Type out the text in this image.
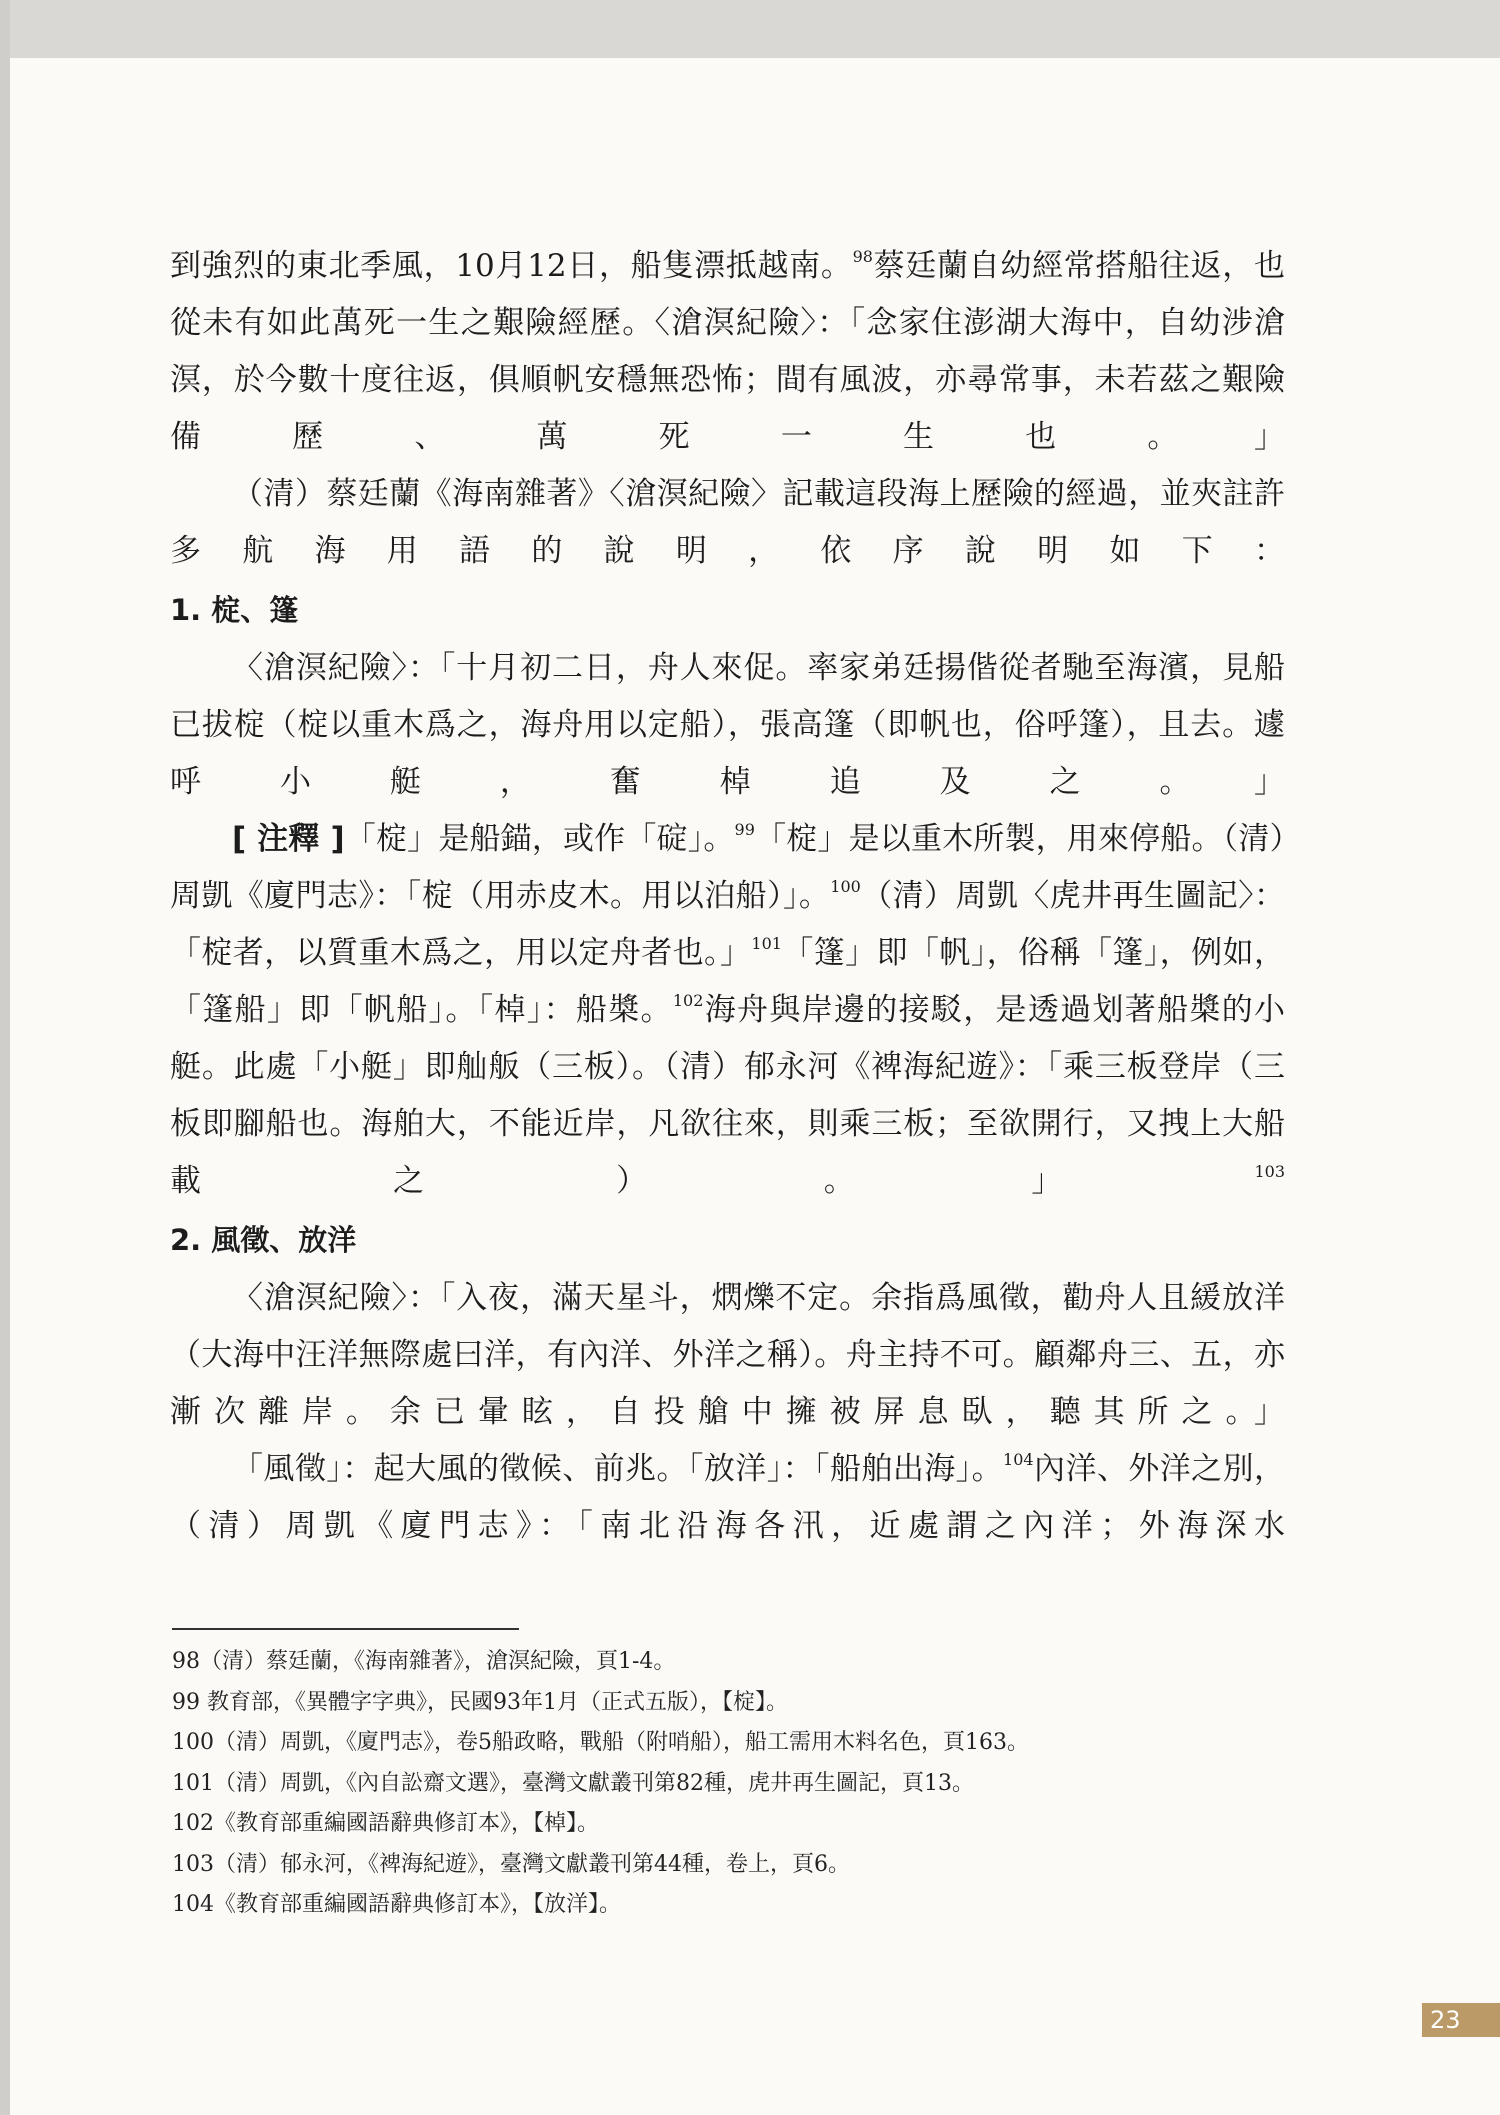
到強烈的東北季風，10月12日，船隻漂抵越南。$^{98}$蔡廷蘭自幼經常搭船往返，也從未有如此萬死一生之艱險經歷。〈滄溟紀險〉：「念家住澎湖大海中，自幼涉滄溟，於今數十度往返，俱順帆安穩無恐怖；間有風波，亦尋常事，未若茲之艱險備歷、萬死一生也。」

（清）蔡廷蘭《海南雜著》〈滄溟紀險〉記載這段海上歷險的經過，並夾註許多航海用語的說明，依序說明如下：

1. 椗、篷

〈滄溟紀險〉：「十月初二日，舟人來促。率家弟廷揚偕從者馳至海濱，見船已拔椗（椗以重木爲之，海舟用以定船），張高篷（即帆也，俗呼篷），且去。遽呼小艇，奮棹追及之。」

[ 注釋 ]「椗」是船錨，或作「碇」。$^{99}$「椗」是以重木所製，用來停船。（清）周凱《廈門志》：「椗（用赤皮木。用以泊船）」。$^{100}$（清）周凱〈虎井再生圖記〉：「椗者，以質重木爲之，用以定舟者也。」$^{101}$「篷」即「帆」，俗稱「篷」，例如，「篷船」即「帆船」。「棹」：船槳。$^{102}$海舟與岸邊的接駁，是透過划著船槳的小艇。此處「小艇」即舢舨（三板）。（清）郁永河《裨海紀遊》：「乘三板登岸（三板即腳船也。海舶大，不能近岸，凡欲往來，則乘三板；至欲開行，又拽上大船載之）。」$^{103}$

2. 風徵、放洋

〈滄溟紀險〉：「入夜，滿天星斗，熌爍不定。余指爲風徵，勸舟人且緩放洋（大海中汪洋無際處曰洋，有內洋、外洋之稱）。舟主持不可。顧鄰舟三、五，亦漸次離岸。余已暈眩，自投艙中擁被屏息臥，聽其所之。」

「風徵」：起大風的徵候、前兆。「放洋」：「船舶出海」。$^{104}$內洋、外洋之別，（清）周凱《廈門志》：「南北沿海各汛，近處謂之內洋；外海深水

98（清）蔡廷蘭，《海南雜著》，滄溟紀險，頁1-4。

99 教育部，《異體字字典》，民國93年1月（正式五版），【椗】。

100（清）周凱，《廈門志》，卷5船政略，戰船（附哨船），船工需用木料名色，頁163。

101（清）周凱，《內自訟齋文選》，臺灣文獻叢刊第82種，虎井再生圖記，頁13。

102《教育部重編國語辭典修訂本》，【棹】。

103（清）郁永河，《裨海紀遊》，臺灣文獻叢刊第44種，卷上，頁6。

104《教育部重編國語辭典修訂本》，【放洋】。

23
